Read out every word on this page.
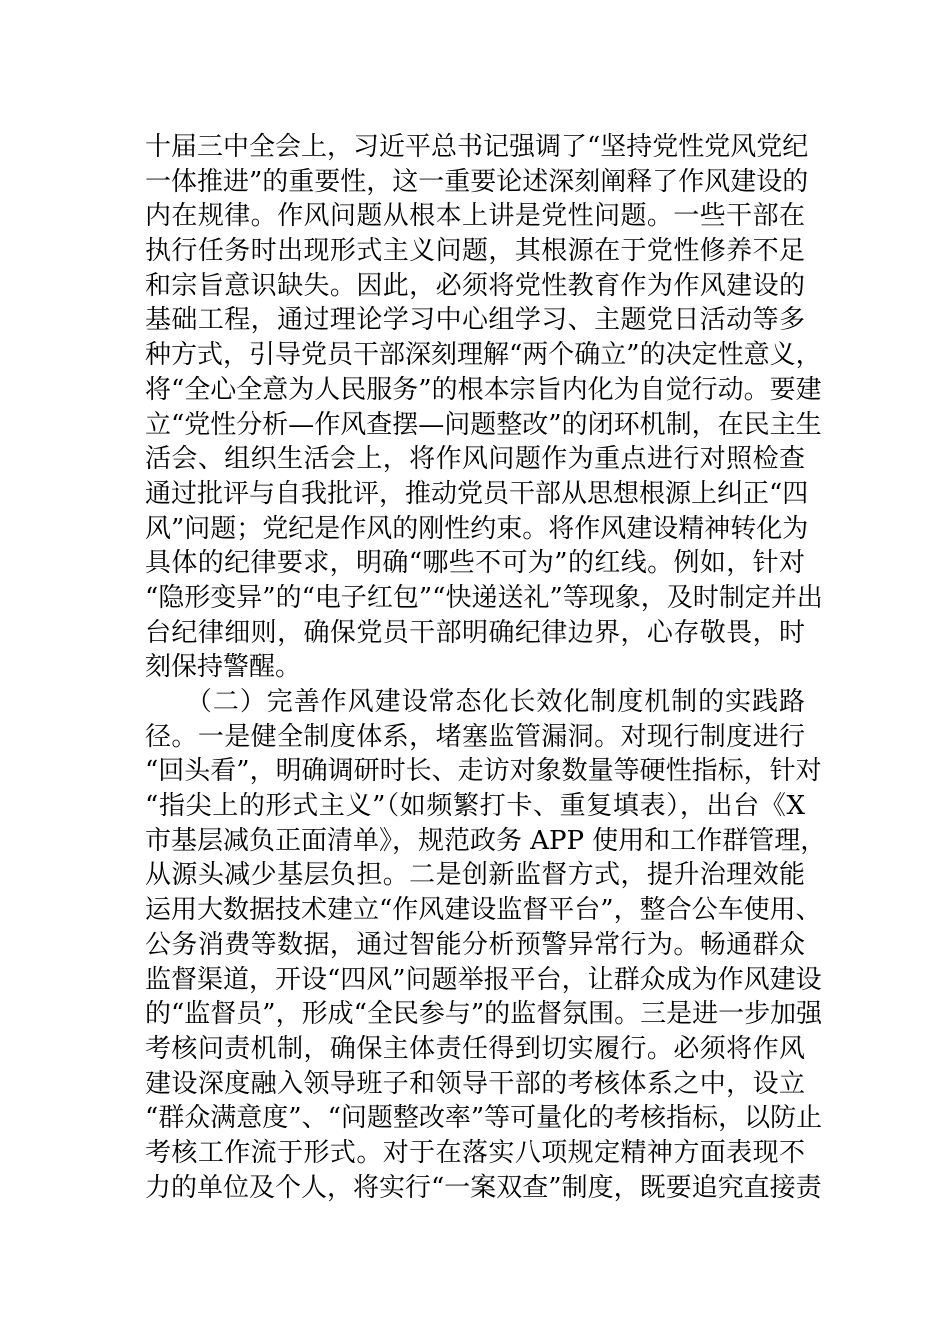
十届三中全会上，习近平总书记强调了“坚持党性党风党纪
一体推进”的重要性，这一重要论述深刻阐释了作风建设的
内在规律。作风问题从根本上讲是党性问题。一些干部在
执行任务时出现形式主义问题，其根源在于党性修养不足
和宗旨意识缺失。因此，必须将党性教育作为作风建设的
基础工程，通过理论学习中心组学习、主题党日活动等多
种方式，引导党员干部深刻理解“两个确立”的决定性意义，
将“全心全意为人民服务”的根本宗旨内化为自觉行动。要建
立“党性分析—作风查摆—问题整改”的闭环机制，在民主生
活会、组织生活会上，将作风问题作为重点进行对照检查
通过批评与自我批评，推动党员干部从思想根源上纠正“四
风”问题；党纪是作风的刚性约束。将作风建设精神转化为
具体的纪律要求，明确“哪些不可为”的红线。例如，针对
“隐形变异”的“电子红包”“快递送礼”等现象，及时制定并出
台纪律细则，确保党员干部明确纪律边界，心存敬畏，时
刻保持警醒。
　　（二）完善作风建设常态化长效化制度机制的实践路
径。一是健全制度体系，堵塞监管漏洞。对现行制度进行
“回头看”，明确调研时长、走访对象数量等硬性指标，针对
“指尖上的形式主义”（如频繁打卡、重复填表），出台《X
市基层减负正面清单》，规范政务 APP 使用和工作群管理，
从源头减少基层负担。二是创新监督方式，提升治理效能
运用大数据技术建立“作风建设监督平台”，整合公车使用、
公务消费等数据，通过智能分析预警异常行为。畅通群众
监督渠道，开设“四风”问题举报平台，让群众成为作风建设
的“监督员”，形成“全民参与”的监督氛围。三是进一步加强
考核问责机制，确保主体责任得到切实履行。必须将作风
建设深度融入领导班子和领导干部的考核体系之中，设立
“群众满意度”、“问题整改率”等可量化的考核指标，以防止
考核工作流于形式。对于在落实八项规定精神方面表现不
力的单位及个人，将实行“一案双查”制度，既要追究直接责
